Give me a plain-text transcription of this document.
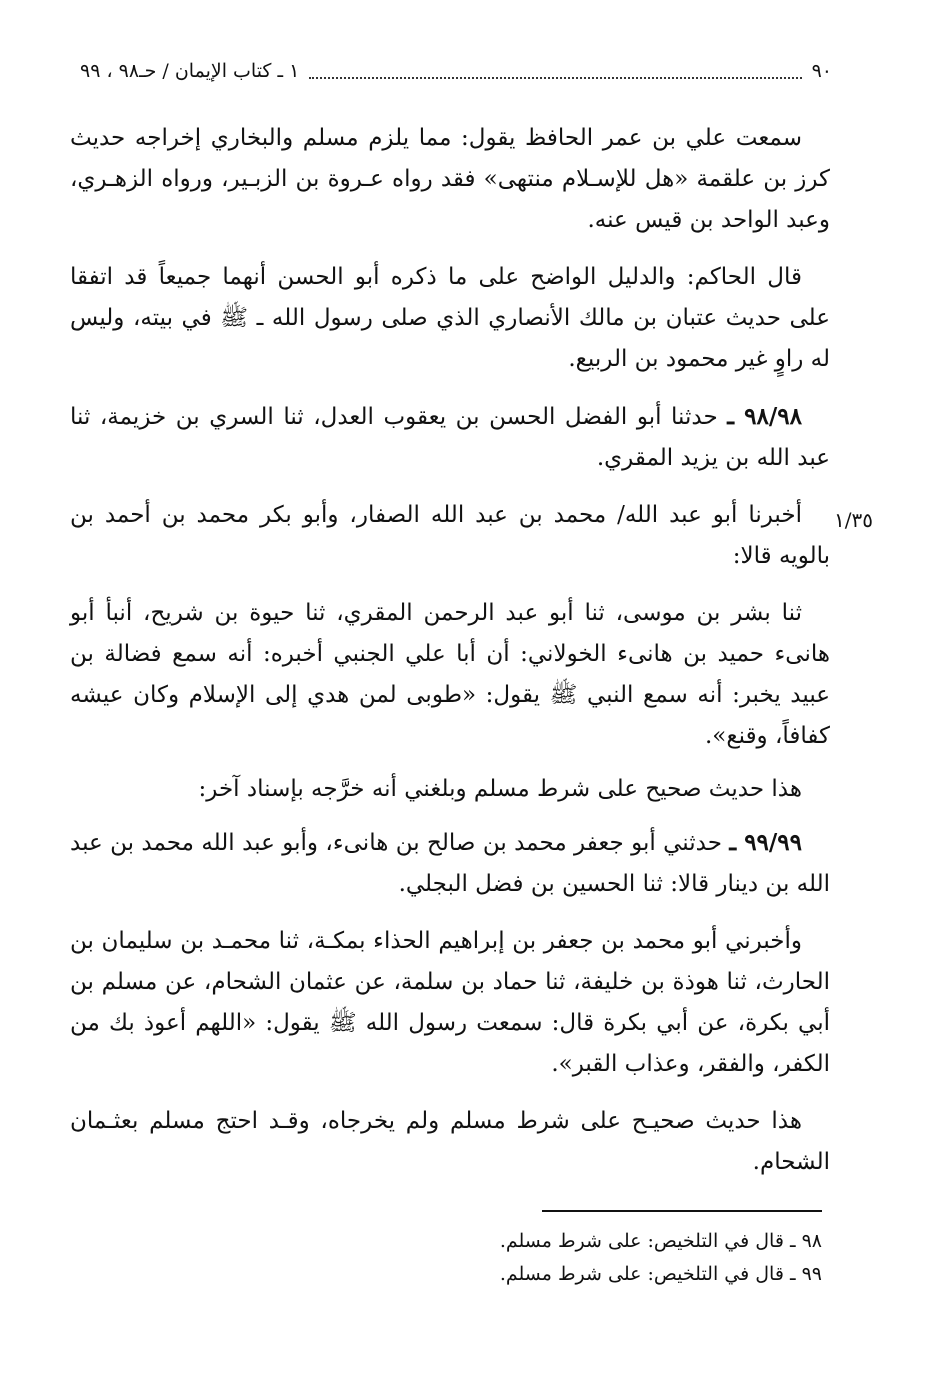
٩٠
١ ـ كتاب الإيمان / حـ٩٨ ، ٩٩
١/٣٥

سمعت علي بن عمر الحافظ يقول: مما يلزم مسلم والبخاري إخراجه حديث كرز بن علقمة «هل للإسـلام منتهى» فقد رواه عـروة بن الزبـير، ورواه الزهـري، وعبد الواحد بن قيس عنه.

قال الحاكم: والدليل الواضح على ما ذكره أبو الحسن أنهما جميعاً قد اتفقا على حديث عتبان بن مالك الأنصاري الذي صلى رسول الله ـ ﷺ في بيته، وليس له راوٍ غير محمود بن الربيع.

٩٨/٩٨ ـ حدثنا أبو الفضل الحسن بن يعقوب العدل، ثنا السري بن خزيمة، ثنا عبد الله بن يزيد المقري.

أخبرنا أبو عبد الله/ محمد بن عبد الله الصفار، وأبو بكر محمد بن أحمد بن بالويه قالا:

ثنا بشر بن موسى، ثنا أبو عبد الرحمن المقري، ثنا حيوة بن شريح، أنبأ أبو هانىء حميد بن هانىء الخولاني: أن أبا علي الجنبي أخبره: أنه سمع فضالة بن عبيد يخبر: أنه سمع النبي ﷺ يقول: «طوبى لمن هدي إلى الإسلام وكان عيشه كفافاً، وقنع».

هذا حديث صحيح على شرط مسلم وبلغني أنه خرَّجه بإسناد آخر:

٩٩/٩٩ ـ حدثني أبو جعفر محمد بن صالح بن هانىء، وأبو عبد الله محمد بن عبد الله بن دينار قالا: ثنا الحسين بن فضل البجلي.

وأخبرني أبو محمد بن جعفر بن إبراهيم الحذاء بمكـة، ثنا محمـد بن سليمان بن الحارث، ثنا هوذة بن خليفة، ثنا حماد بن سلمة، عن عثمان الشحام، عن مسلم بن أبي بكرة، عن أبي بكرة قال: سمعت رسول الله ﷺ يقول: «اللهم أعوذ بك من الكفر، والفقر، وعذاب القبر».

هذا حديث صحيـح على شرط مسلم ولم يخرجاه، وقـد احتج مسلم بعثـمان الشحام.

٩٨ ـ قال في التلخيص: على شرط مسلم.
٩٩ ـ قال في التلخيص: على شرط مسلم.
